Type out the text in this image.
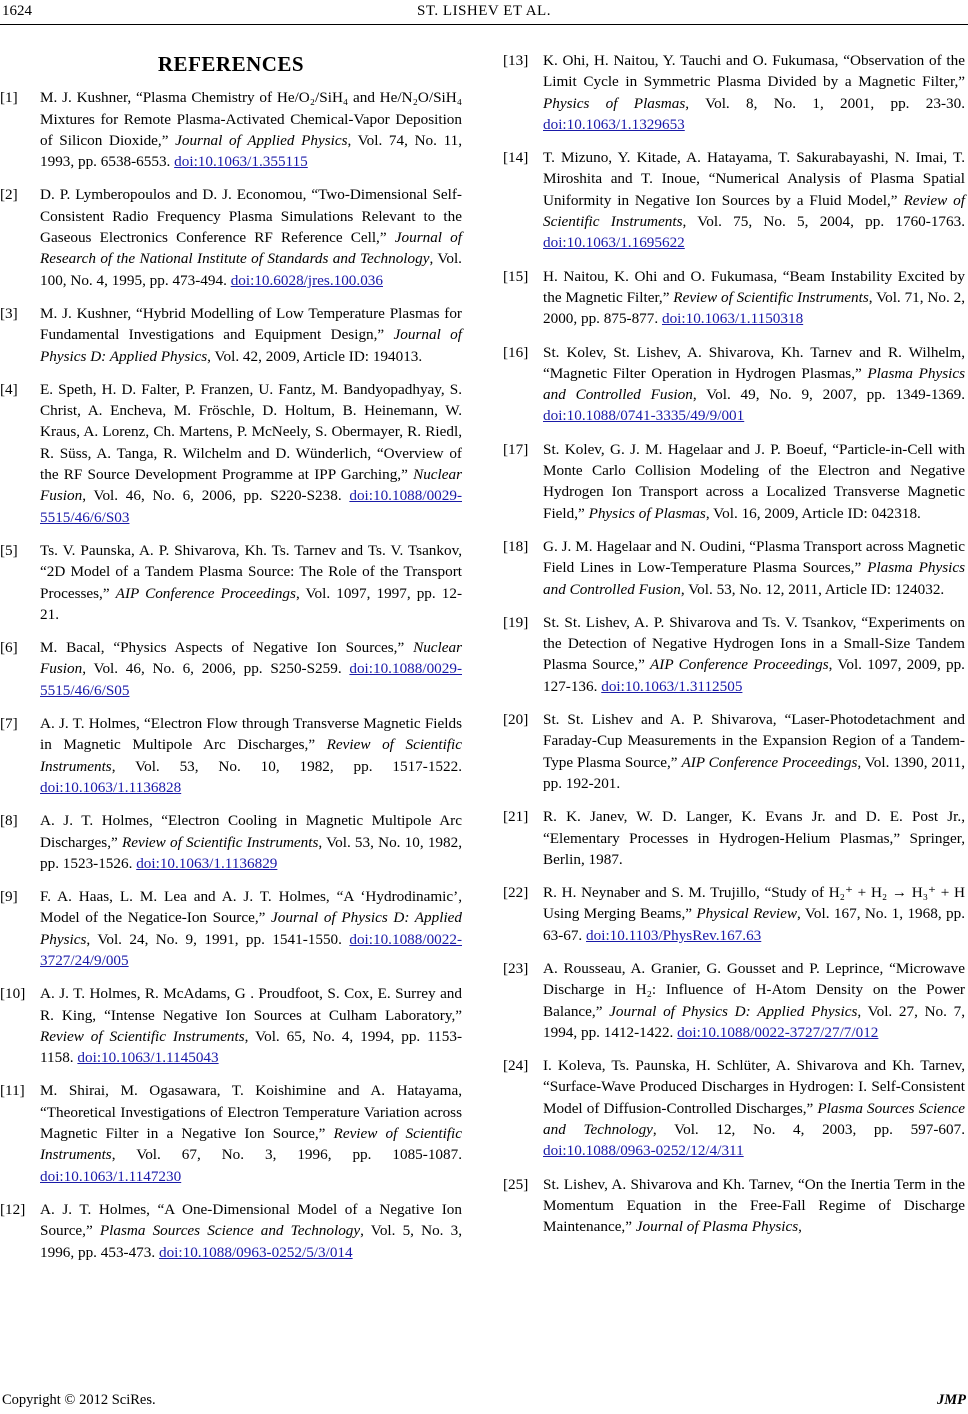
1624	ST. LISHEV ET AL.
REFERENCES
[1] M. J. Kushner, “Plasma Chemistry of He/O₂/SiH₄ and He/N₂O/SiH₄ Mixtures for Remote Plasma-Activated Chemical-Vapor Deposition of Silicon Dioxide,” Journal of Applied Physics, Vol. 74, No. 11, 1993, pp. 6538-6553. doi:10.1063/1.355115
[2] D. P. Lymberopoulos and D. J. Economou, “Two-Dimensional Self-Consistent Radio Frequency Plasma Simulations Relevant to the Gaseous Electronics Conference RF Reference Cell,” Journal of Research of the National Institute of Standards and Technology, Vol. 100, No. 4, 1995, pp. 473-494. doi:10.6028/jres.100.036
[3] M. J. Kushner, “Hybrid Modelling of Low Temperature Plasmas for Fundamental Investigations and Equipment Design,” Journal of Physics D: Applied Physics, Vol. 42, 2009, Article ID: 194013.
[4] E. Speth, H. D. Falter, P. Franzen, U. Fantz, M. Bandyopadhyay, S. Christ, A. Encheva, M. Fröschle, D. Holtum, B. Heinemann, W. Kraus, A. Lorenz, Ch. Martens, P. McNeely, S. Obermayer, R. Riedl, R. Süss, A. Tanga, R. Wilchelm and D. Wünderlich, “Overview of the RF Source Development Programme at IPP Garching,” Nuclear Fusion, Vol. 46, No. 6, 2006, pp. S220-S238. doi:10.1088/0029-5515/46/6/S03
[5] Ts. V. Paunska, A. P. Shivarova, Kh. Ts. Tarnev and Ts. V. Tsankov, “2D Model of a Tandem Plasma Source: The Role of the Transport Processes,” AIP Conference Proceedings, Vol. 1097, 1997, pp. 12-21.
[6] M. Bacal, “Physics Aspects of Negative Ion Sources,” Nuclear Fusion, Vol. 46, No. 6, 2006, pp. S250-S259. doi:10.1088/0029-5515/46/6/S05
[7] A. J. T. Holmes, “Electron Flow through Transverse Magnetic Fields in Magnetic Multipole Arc Discharges,” Review of Scientific Instruments, Vol. 53, No. 10, 1982, pp. 1517-1522. doi:10.1063/1.1136828
[8] A. J. T. Holmes, “Electron Cooling in Magnetic Multipole Arc Discharges,” Review of Scientific Instruments, Vol. 53, No. 10, 1982, pp. 1523-1526. doi:10.1063/1.1136829
[9] F. A. Haas, L. M. Lea and A. J. T. Holmes, “A ‘Hydrodinamic’, Model of the Negatice-Ion Source,” Journal of Physics D: Applied Physics, Vol. 24, No. 9, 1991, pp. 1541-1550. doi:10.1088/0022-3727/24/9/005
[10] A. J. T. Holmes, R. McAdams, G . Proudfoot, S. Cox, E. Surrey and R. King, “Intense Negative Ion Sources at Culham Laboratory,” Review of Scientific Instruments, Vol. 65, No. 4, 1994, pp. 1153-1158. doi:10.1063/1.1145043
[11] M. Shirai, M. Ogasawara, T. Koishimine and A. Hatayama, “Theoretical Investigations of Electron Temperature Variation across Magnetic Filter in a Negative Ion Source,” Review of Scientific Instruments, Vol. 67, No. 3, 1996, pp. 1085-1087. doi:10.1063/1.1147230
[12] A. J. T. Holmes, “A One-Dimensional Model of a Negative Ion Source,” Plasma Sources Science and Technology, Vol. 5, No. 3, 1996, pp. 453-473. doi:10.1088/0963-0252/5/3/014
[13] K. Ohi, H. Naitou, Y. Tauchi and O. Fukumasa, “Observation of the Limit Cycle in Symmetric Plasma Divided by a Magnetic Filter,” Physics of Plasmas, Vol. 8, No. 1, 2001, pp. 23-30. doi:10.1063/1.1329653
[14] T. Mizuno, Y. Kitade, A. Hatayama, T. Sakurabayashi, N. Imai, T. Miroshita and T. Inoue, “Numerical Analysis of Plasma Spatial Uniformity in Negative Ion Sources by a Fluid Model,” Review of Scientific Instruments, Vol. 75, No. 5, 2004, pp. 1760-1763. doi:10.1063/1.1695622
[15] H. Naitou, K. Ohi and O. Fukumasa, “Beam Instability Excited by the Magnetic Filter,” Review of Scientific Instruments, Vol. 71, No. 2, 2000, pp. 875-877. doi:10.1063/1.1150318
[16] St. Kolev, St. Lishev, A. Shivarova, Kh. Tarnev and R. Wilhelm, “Magnetic Filter Operation in Hydrogen Plasmas,” Plasma Physics and Controlled Fusion, Vol. 49, No. 9, 2007, pp. 1349-1369. doi:10.1088/0741-3335/49/9/001
[17] St. Kolev, G. J. M. Hagelaar and J. P. Boeuf, “Particle-in-Cell with Monte Carlo Collision Modeling of the Electron and Negative Hydrogen Ion Transport across a Localized Transverse Magnetic Field,” Physics of Plasmas, Vol. 16, 2009, Article ID: 042318.
[18] G. J. M. Hagelaar and N. Oudini, “Plasma Transport across Magnetic Field Lines in Low-Temperature Plasma Sources,” Plasma Physics and Controlled Fusion, Vol. 53, No. 12, 2011, Article ID: 124032.
[19] St. St. Lishev, A. P. Shivarova and Ts. V. Tsankov, “Experiments on the Detection of Negative Hydrogen Ions in a Small-Size Tandem Plasma Source,” AIP Conference Proceedings, Vol. 1097, 2009, pp. 127-136. doi:10.1063/1.3112505
[20] St. St. Lishev and A. P. Shivarova, “Laser-Photodetachment and Faraday-Cup Measurements in the Expansion Region of a Tandem-Type Plasma Source,” AIP Conference Proceedings, Vol. 1390, 2011, pp. 192-201.
[21] R. K. Janev, W. D. Langer, K. Evans Jr. and D. E. Post Jr., “Elementary Processes in Hydrogen-Helium Plasmas,” Springer, Berlin, 1987.
[22] R. H. Neynaber and S. M. Trujillo, “Study of H₂⁺ + H₂ → H₃⁺ + H Using Merging Beams,” Physical Review, Vol. 167, No. 1, 1968, pp. 63-67. doi:10.1103/PhysRev.167.63
[23] A. Rousseau, A. Granier, G. Gousset and P. Leprince, “Microwave Discharge in H₂: Influence of H-Atom Density on the Power Balance,” Journal of Physics D: Applied Physics, Vol. 27, No. 7, 1994, pp. 1412-1422. doi:10.1088/0022-3727/27/7/012
[24] I. Koleva, Ts. Paunska, H. Schlüter, A. Shivarova and Kh. Tarnev, “Surface-Wave Produced Discharges in Hydrogen: I. Self-Consistent Model of Diffusion-Controlled Discharges,” Plasma Sources Science and Technology, Vol. 12, No. 4, 2003, pp. 597-607. doi:10.1088/0963-0252/12/4/311
[25] St. Lishev, A. Shivarova and Kh. Tarnev, “On the Inertia Term in the Momentum Equation in the Free-Fall Regime of Discharge Maintenance,” Journal of Plasma Physics,
Copyright © 2012 SciRes.	JMP
